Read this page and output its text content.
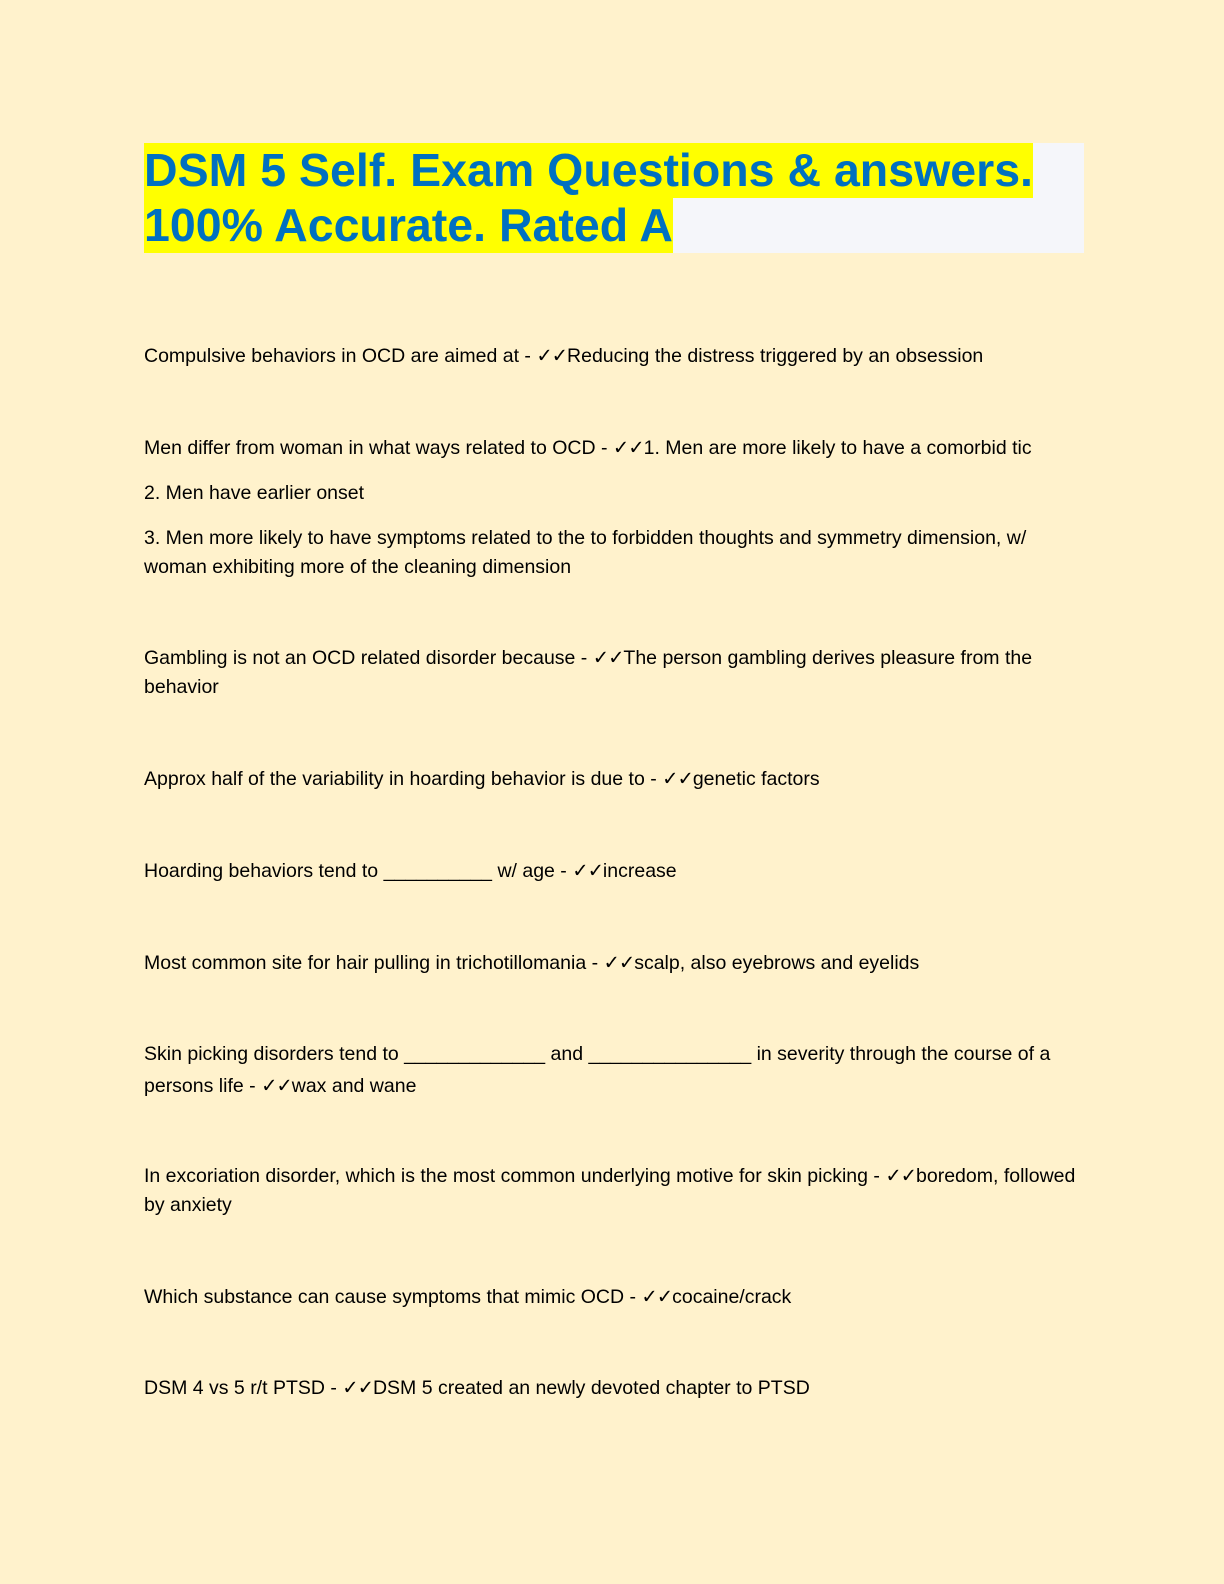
DSM 5 Self. Exam Questions & answers.
100% Accurate. Rated A

Compulsive behaviors in OCD are aimed at - ✓✓Reducing the distress triggered by an obsession

Men differ from woman in what ways related to OCD - ✓✓1. Men are more likely to have a comorbid tic

2. Men have earlier onset

3. Men more likely to have symptoms related to the to forbidden thoughts and symmetry dimension, w/ woman exhibiting more of the cleaning dimension

Gambling is not an OCD related disorder because - ✓✓The person gambling derives pleasure from the behavior

Approx half of the variability in hoarding behavior is due to - ✓✓genetic factors

Hoarding behaviors tend to __________ w/ age - ✓✓increase

Most common site for hair pulling in trichotillomania - ✓✓scalp, also eyebrows and eyelids

Skin picking disorders tend to _____________ and _______________ in severity through the course of a persons life - ✓✓wax and wane

In excoriation disorder, which is the most common underlying motive for skin picking - ✓✓boredom, followed by anxiety

Which substance can cause symptoms that mimic OCD - ✓✓cocaine/crack

DSM 4 vs 5 r/t PTSD - ✓✓DSM 5 created an newly devoted chapter to PTSD
